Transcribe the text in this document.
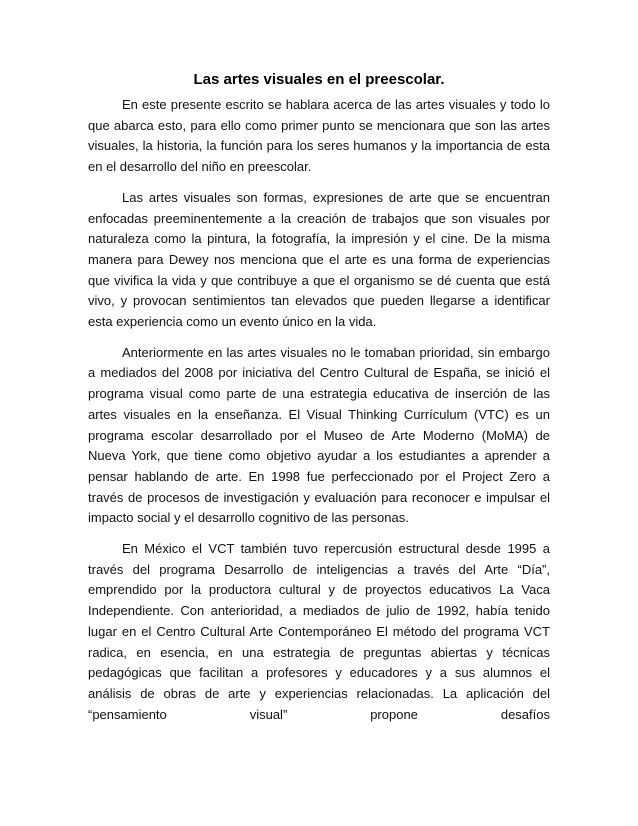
Las artes visuales en el preescolar.

En este presente escrito se hablara acerca de las artes visuales y todo lo que abarca esto, para ello como primer punto se mencionara que son las artes visuales, la historia, la función para los seres humanos y la importancia de esta en el desarrollo del niño en preescolar.

Las artes visuales son formas, expresiones de arte que se encuentran enfocadas preeminentemente a la creación de trabajos que son visuales por naturaleza como la pintura, la fotografía, la impresión y el cine. De la misma manera para Dewey nos menciona que el arte es una forma de experiencias que vivifica la vida y que contribuye a que el organismo se dé cuenta que está vivo, y provocan sentimientos tan elevados que pueden llegarse a identificar esta experiencia como un evento único en la vida.

Anteriormente en las artes visuales no le tomaban prioridad, sin embargo a mediados del 2008 por iniciativa del Centro Cultural de España, se inició el programa visual como parte de una estrategia educativa de inserción de las artes visuales en la enseñanza. El Visual Thinking Currículum (VTC) es un programa escolar desarrollado por el Museo de Arte Moderno (MoMA) de Nueva York, que tiene como objetivo ayudar a los estudiantes a aprender a pensar hablando de arte. En 1998 fue perfeccionado por el Project Zero a través de procesos de investigación y evaluación para reconocer e impulsar el impacto social y el desarrollo cognitivo de las personas.

En México el VCT también tuvo repercusión estructural desde 1995 a través del programa Desarrollo de inteligencias a través del Arte “Día”, emprendido por la productora cultural y de proyectos educativos La Vaca Independiente. Con anterioridad, a mediados de julio de 1992, había tenido lugar en el Centro Cultural Arte Contemporáneo El método del programa VCT radica, en esencia, en una estrategia de preguntas abiertas y técnicas pedagógicas que facilitan a profesores y educadores y a sus alumnos el análisis de obras de arte y experiencias relacionadas. La aplicación del “pensamiento visual” propone desafíos
